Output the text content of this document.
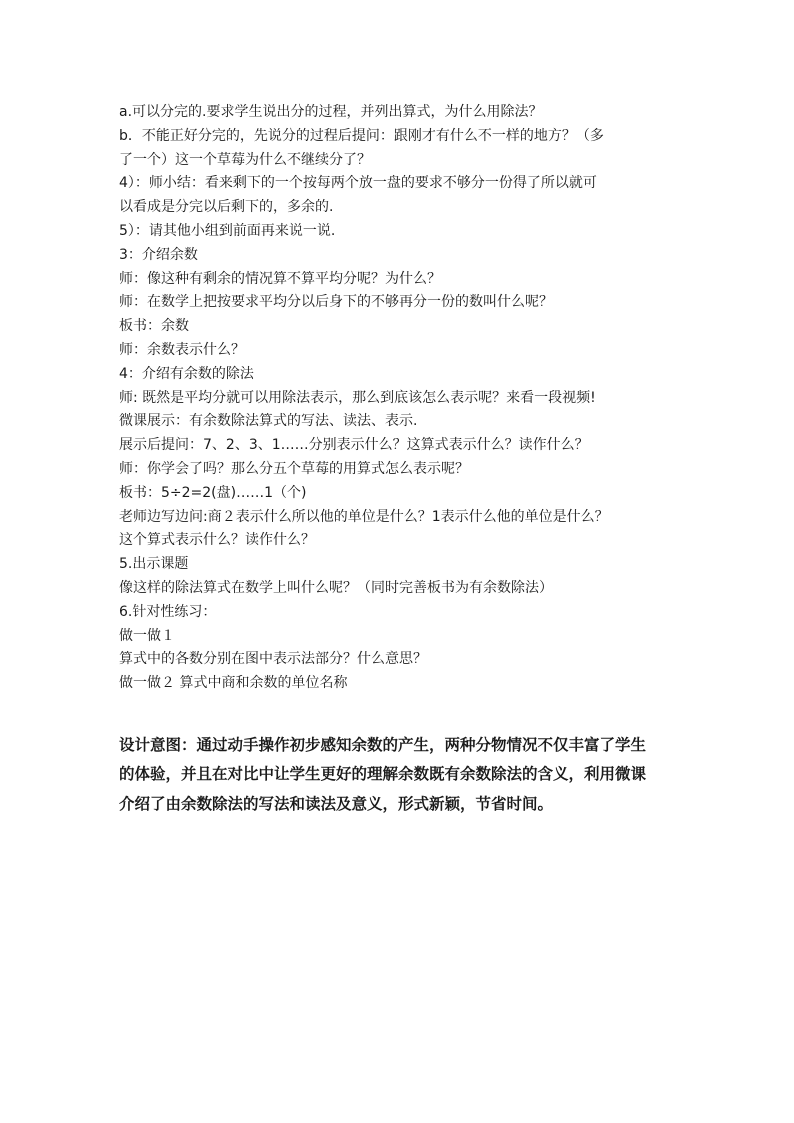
a.可以分完的.要求学生说出分的过程，并列出算式，为什么用除法？

b．不能正好分完的，先说分的过程后提问：跟刚才有什么不一样的地方？（多

了一个）这一个草莓为什么不继续分了？

4）：师小结：看来剩下的一个按每两个放一盘的要求不够分一份得了所以就可

以看成是分完以后剩下的，多余的.

5）：请其他小组到前面再来说一说.

3：介绍余数

师：像这种有剩余的情况算不算平均分呢？为什么？

师：在数学上把按要求平均分以后身下的不够再分一份的数叫什么呢？

板书：余数

师：余数表示什么？

4：介绍有余数的除法

师: 既然是平均分就可以用除法表示，那么到底该怎么表示呢？来看一段视频!

微课展示：有余数除法算式的写法、读法、表示.

展示后提问：7、2、3、1……分别表示什么？这算式表示什么？读作什么？

师：你学会了吗？那么分五个草莓的用算式怎么表示呢？

板书：5÷2=2(盘)……1（个)

老师边写边问:商２表示什么所以他的单位是什么？1表示什么他的单位是什么？

这个算式表示什么？读作什么？

5.出示课题

像这样的除法算式在数学上叫什么呢？（同时完善板书为有余数除法）

6.针对性练习：

做一做１

算式中的各数分别在图中表示法部分？什么意思？

做一做２ 算式中商和余数的单位名称

设计意图：通过动手操作初步感知余数的产生，两种分物情况不仅丰富了学生

的体验，并且在对比中让学生更好的理解余数既有余数除法的含义，利用微课

介绍了由余数除法的写法和读法及意义，形式新颖，节省时间。
